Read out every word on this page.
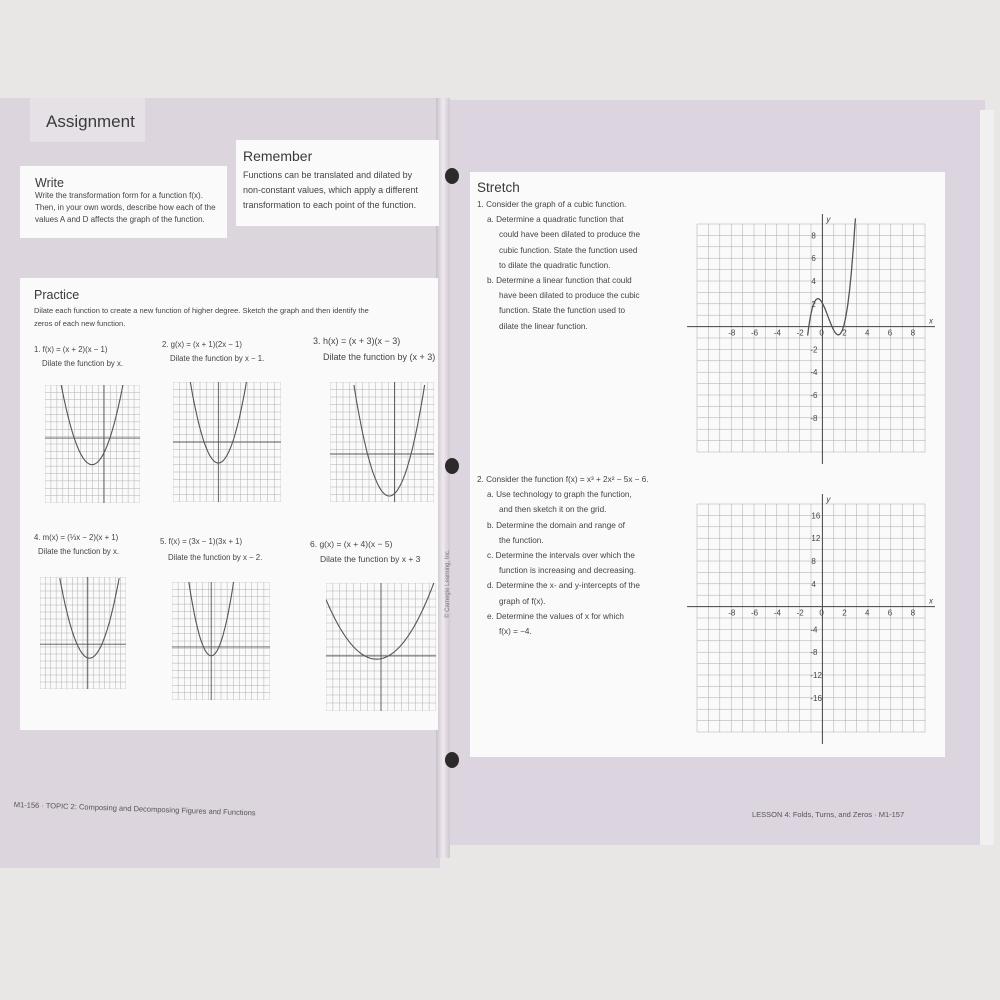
Assignment
Write
Write the transformation form for a function f(x).
Then, in your own words, describe how each of the
values A and D affects the graph of the function.
Remember
Functions can be translated and dilated by
non-constant values, which apply a different
transformation to each point of the function.
Practice
Dilate each function to create a new function of higher degree. Sketch the graph and then identify the
zeros of each new function.
1. f(x) = (x + 2)(x − 1)
Dilate the function by x.
2. g(x) = (x + 1)(2x − 1)
Dilate the function by x − 1.
3. h(x) = (x + 3)(x − 3)
Dilate the function by (x + 3)
4. m(x) = (⅓x − 2)(x + 1)
Dilate the function by x.
5. f(x) = (3x − 1)(3x + 1)
Dilate the function by x − 2.
6. g(x) = (x + 4)(x − 5)
Dilate the function by x + 3	© Carnegie Learning, Inc.
Stretch
1. Consider the graph of a cubic function.
a. Determine a quadratic function that
could have been dilated to produce the
cubic function. State the function used
to dilate the quadratic function.
b. Determine a linear function that could
have been dilated to produce the cubic
function. State the function used to
dilate the linear function.
2. Consider the function f(x) = x³ + 2x² − 5x − 6.
a. Use technology to graph the function,
and then sketch it on the grid.
b. Determine the domain and range of
the function.
c. Determine the intervals over which the
function is increasing and decreasing.
d. Determine the x- and y-intercepts of the
graph of f(x).
e. Determine the values of x for which
f(x) = −4.
-8 -6 -4 -2 0 2 4 6 8
8
6
4
2
-2
-4
-6
-8
x
y
-8 -6 -4 -2 0 2 4 6 8
16
12
8
4
-4
-8
-12
-16
x
y
M1-156 · TOPIC 2: Composing and Decomposing Figures and Functions	LESSON 4: Folds, Turns, and Zeros · M1-157
